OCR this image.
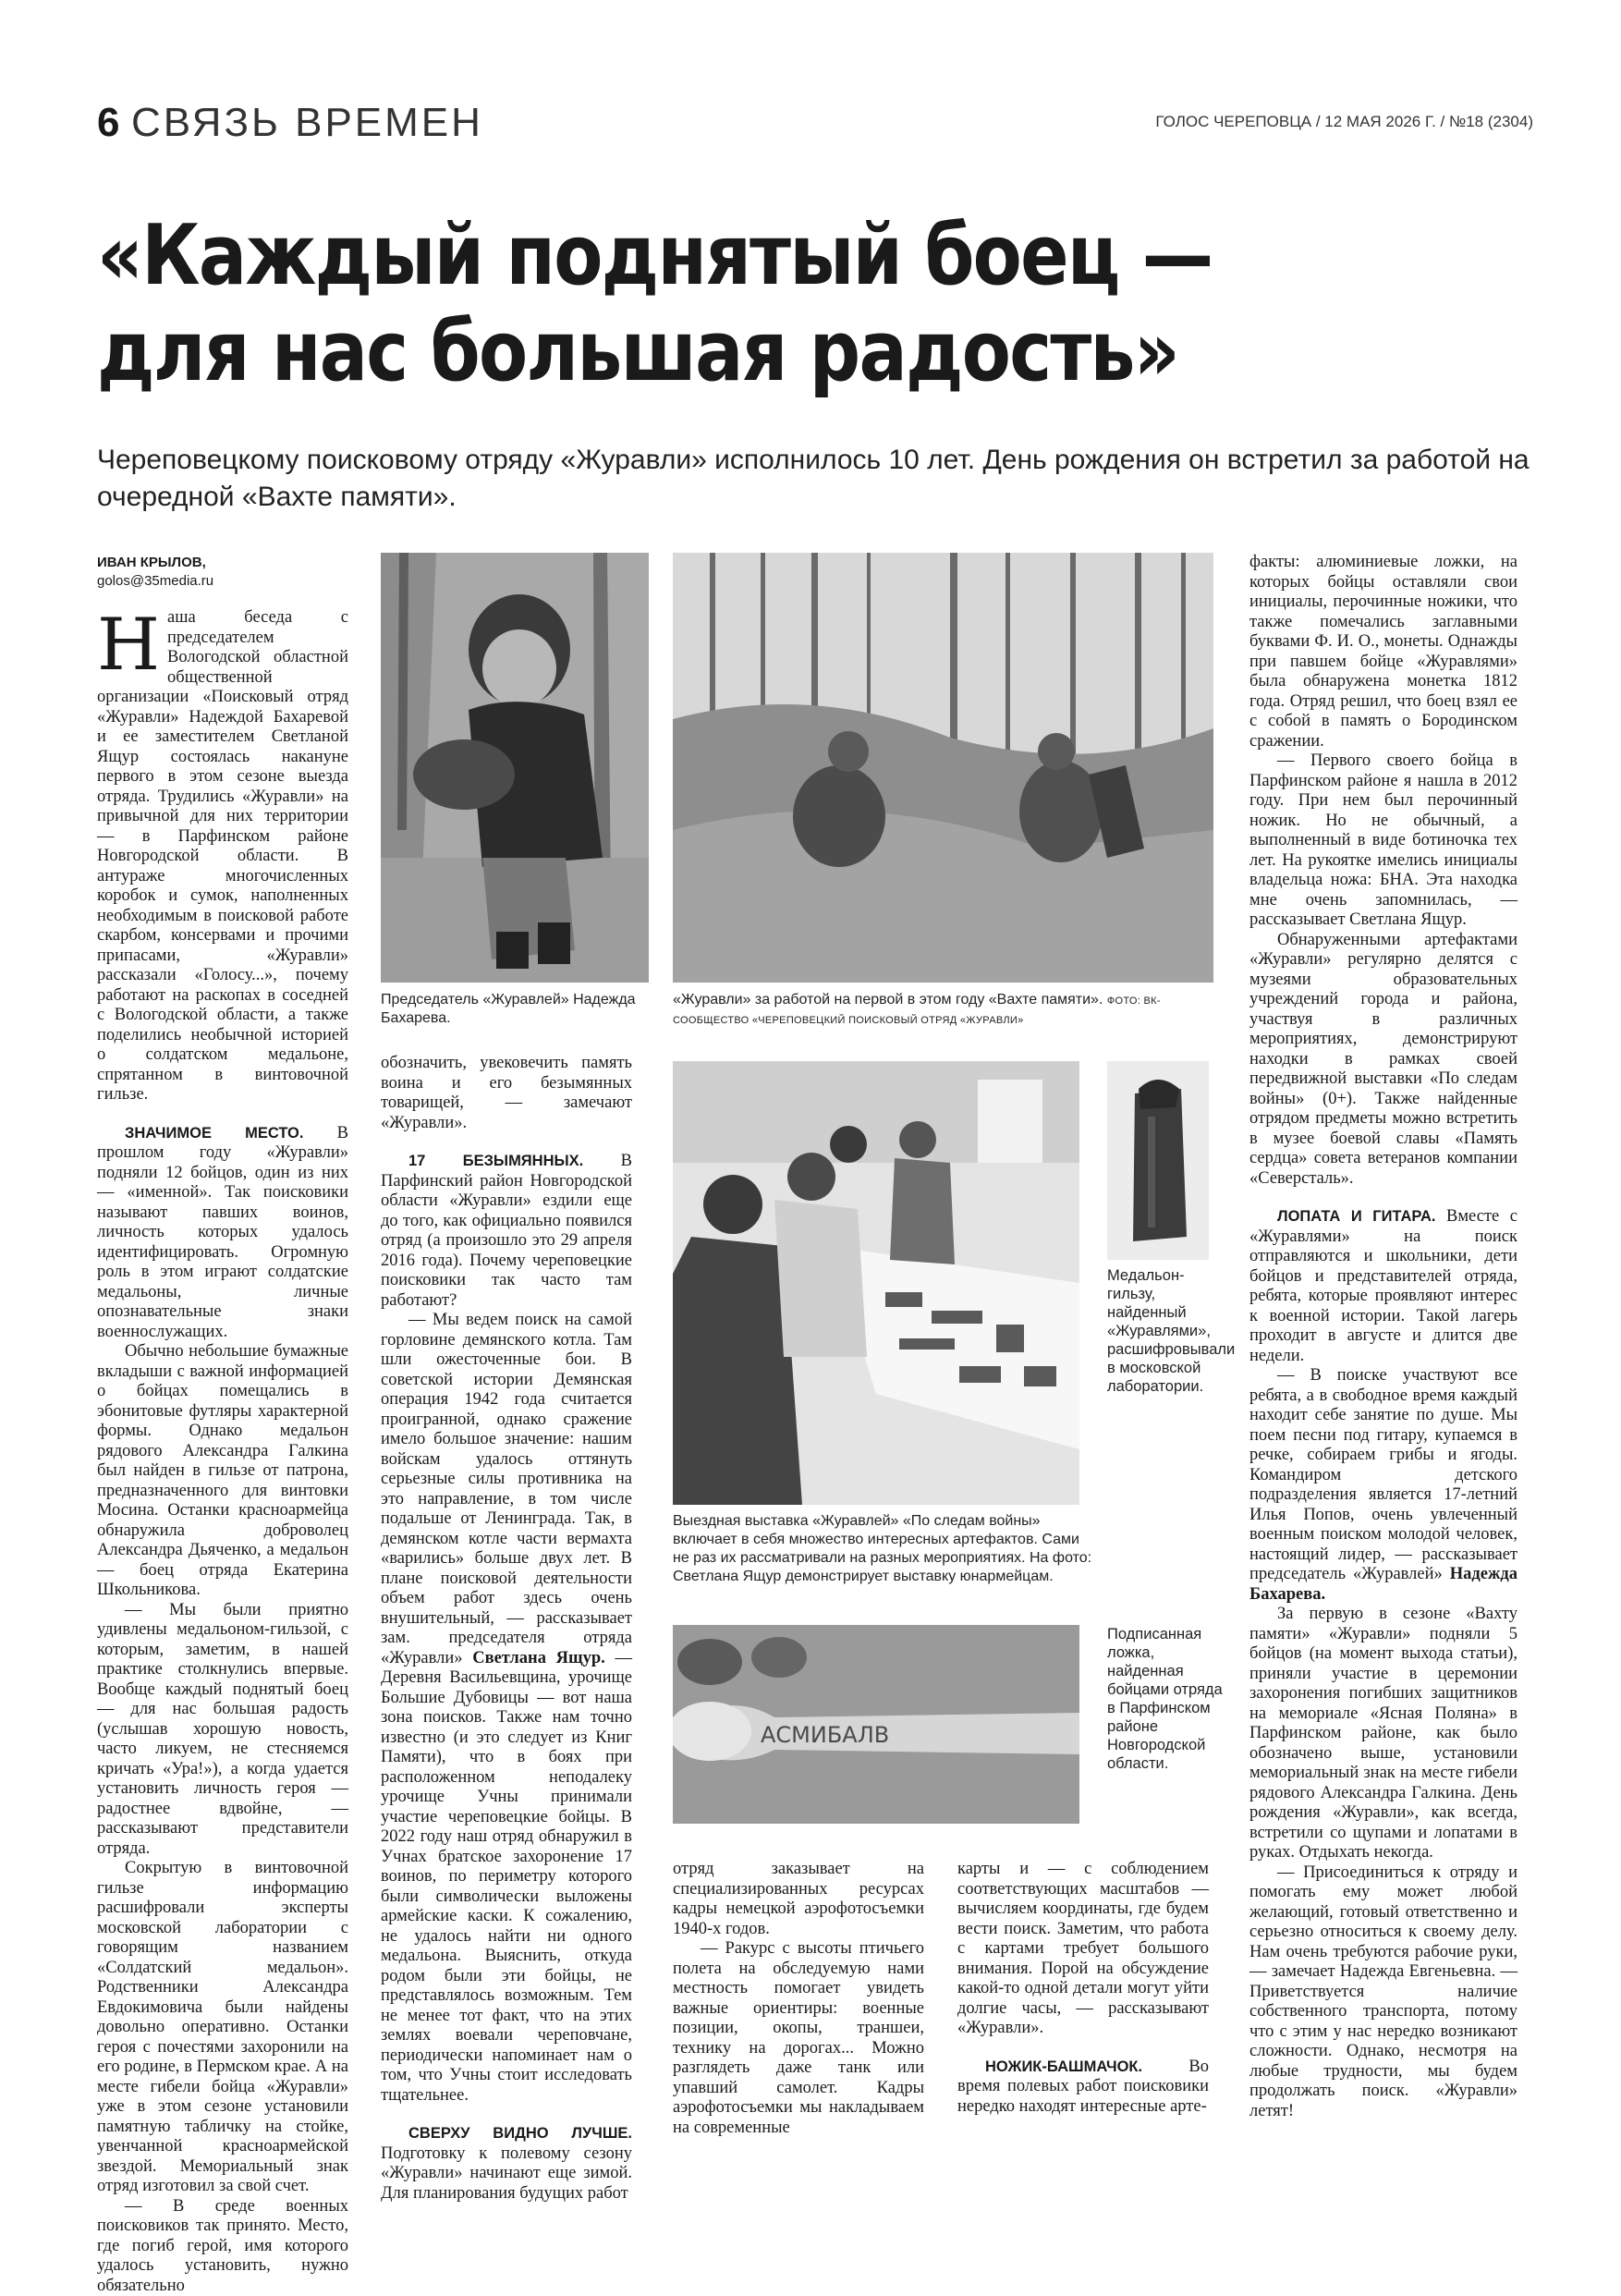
6 СВЯЗЬ ВРЕМЕН	ГОЛОС ЧЕРЕПОВЦА / 12 МАЯ 2026 Г. / №18 (2304)
«Каждый поднятый боец —
для нас большая радость»
Череповецкому поисковому отряду «Журавли» исполнилось 10 лет. День рождения он встретил за работой на очередной «Вахте памяти».
ИВАН КРЫЛОВ,
golos@35media.ru

Наша беседа с председателем Вологодской областной общественной организации «Поисковый отряд «Журавли» Надеждой Бахаревой и ее заместителем Светланой Ящур состоялась накануне первого в этом сезоне выезда отряда. Трудились «Журавли» на привычной для них территории — в Парфинском районе Новгородской области. В антураже многочисленных коробок и сумок, наполненных необходимым в поисковой работе скарбом, консервами и прочими припасами, «Журавли» рассказали «Голосу...», почему работают на раскопах в соседней с Вологодской области, а также поделились необычной историей о солдатском медальоне, спрятанном в винтовочной гильзе.

ЗНАЧИМОЕ МЕСТО. В прошлом году «Журавли» подняли 12 бойцов, один из них — «именной». Так поисковики называют павших воинов, личность которых удалось идентифицировать. Огромную роль в этом играют солдатские медальоны, личные опознавательные знаки военнослужащих.

Обычно небольшие бумажные вкладыши с важной информацией о бойцах помещались в эбонитовые футляры характерной формы. Однако медальон рядового Александра Галкина был найден в гильзе от патрона, предназначенного для винтовки Мосина. Останки красноармейца обнаружила доброволец Александра Дьяченко, а медальон — боец отряда Екатерина Школьникова.

— Мы были приятно удивлены медальоном-гильзой, с которым, заметим, в нашей практике столкнулись впервые. Вообще каждый поднятый боец — для нас большая радость (услышав хорошую новость, часто ликуем, не стесняемся кричать «Ура!»), а когда удается установить личность героя — радостнее вдвойне, — рассказывают представители отряда.

Сокрытую в винтовочной гильзе информацию расшифровали эксперты московской лаборатории с говорящим названием «Солдатский медальон». Родственники Александра Евдокимовича были найдены довольно оперативно. Останки героя с почестями захоронили на его родине, в Пермском крае. А на месте гибели бойца «Журавли» уже в этом сезоне установили памятную табличку на стойке, увенчанной красноармейской звездой. Мемориальный знак отряд изготовил за свой счет.

— В среде военных поисковиков так принято. Место, где погиб герой, имя которого удалось установить, нужно обязательно

Председатель «Журавлей» Надежда Бахарева.
«Журавли» за работой на первой в этом году «Вахте памяти». ФОТО: ВК-СООБЩЕСТВО «ЧЕРЕПОВЕЦКИЙ ПОИСКОВЫЙ ОТРЯД «ЖУРАВЛИ»

обозначить, увековечить память воина и его безымянных товарищей, — замечают «Журавли».

17 БЕЗЫМЯННЫХ. В Парфинский район Новгородской области «Журавли» ездили еще до того, как официально появился отряд (а произошло это 29 апреля 2016 года). Почему череповецкие поисковики так часто там работают?

— Мы ведем поиск на самой горловине демянского котла. Там шли ожесточенные бои. В советской истории Демянская операция 1942 года считается проигранной, однако сражение имело большое значение: нашим войскам удалось оттянуть серьезные силы противника на это направление, в том числе подальше от Ленинграда. Так, в демянском котле части вермахта «варились» больше двух лет. В плане поисковой деятельности объем работ здесь очень внушительный, — рассказывает зам. председателя отряда «Журавли» Светлана Ящур. — Деревня Васильевщина, урочище Большие Дубовицы — вот наша зона поисков. Также нам точно известно (и это следует из Книг Памяти), что в боях при расположенном неподалеку урочище Учны принимали участие череповецкие бойцы. В 2022 году наш отряд обнаружил в Учнах братское захоронение 17 воинов, по периметру которого были символически выложены армейские каски. К сожалению, не удалось найти ни одного медальона. Выяснить, откуда родом были эти бойцы, не представлялось возможным. Тем не менее тот факт, что на этих землях воевали череповчане, периодически напоминает нам о том, что Учны стоит исследовать тщательнее.

СВЕРХУ ВИДНО ЛУЧШЕ. Подготовку к полевому сезону «Журавли» начинают еще зимой. Для планирования будущих работ

Выездная выставка «Журавлей» «По следам войны» включает в себя множество интересных артефактов. Сами не раз их рассматривали на разных мероприятиях. На фото: Светлана Ящур демонстрирует выставку юнармейцам.
Медальон-гильзу, найденный «Журавлями», расшифровывали в московской лаборатории.
АСМИБАЛВ
Подписанная ложка, найденная бойцами отряда в Парфинском районе Новгородской области.

отряд заказывает на специализированных ресурсах кадры немецкой аэрофотосъемки 1940-х годов.

— Ракурс с высоты птичьего полета на обследуемую нами местность помогает увидеть важные ориентиры: военные позиции, окопы, траншеи, технику на дорогах... Можно разглядеть даже танк или упавший самолет. Кадры аэрофотосъемки мы накладываем на современные

карты и — с соблюдением соответствующих масштабов — вычисляем координаты, где будем вести поиск. Заметим, что работа с картами требует большого внимания. Порой на обсуждение какой-то одной детали могут уйти долгие часы, — рассказывают «Журавли».

НОЖИК-БАШМАЧОК.	Во время полевых работ поисковики нередко находят интересные арте-

факты: алюминиевые ложки, на которых бойцы оставляли свои инициалы, перочинные ножики, что также помечались заглавными буквами Ф. И. О., монеты. Однажды при павшем бойце «Журавлями» была обнаружена монетка 1812 года. Отряд решил, что боец взял ее с собой в память о Бородинском сражении.

— Первого своего бойца в Парфинском районе я нашла в 2012 году. При нем был перочинный ножик. Но не обычный, а выполненный в виде ботиночка тех лет. На рукоятке имелись инициалы владельца ножа: БНА. Эта находка мне очень запомнилась, — рассказывает Светлана Ящур.

Обнаруженными артефактами «Журавли» регулярно делятся с музеями образовательных учреждений города и района, участвуя в различных мероприятиях, демонстрируют находки в рамках своей передвижной выставки «По следам войны» (0+). Также найденные отрядом предметы можно встретить в музее боевой славы «Память сердца» совета ветеранов компании «Северсталь».

ЛОПАТА И ГИТАРА. Вместе с «Журавлями» на поиск отправляются и школьники, дети бойцов и представителей отряда, ребята, которые проявляют интерес к военной истории. Такой лагерь проходит в августе и длится две недели.

— В поиске участвуют все ребята, а в свободное время каждый находит себе занятие по душе. Мы поем песни под гитару, купаемся в речке, собираем грибы и ягоды. Командиром детского подразделения является 17-летний Илья Попов, очень увлеченный военным поиском молодой человек, настоящий лидер, — рассказывает председатель «Журавлей» Надежда Бахарева.

За первую в сезоне «Вахту памяти» «Журавли» подняли 5 бойцов (на момент выхода статьи), приняли участие в церемонии захоронения погибших защитников на мемориале «Ясная Поляна» в Парфинском районе, как было обозначено выше, установили мемориальный знак на месте гибели рядового Александра Галкина. День рождения «Журавли», как всегда, встретили со щупами и лопатами в руках. Отдыхать некогда.

— Присоединиться к отряду и помогать ему может любой желающий, готовый ответственно и серьезно относиться к своему делу. Нам очень требуются рабочие руки, — замечает Надежда Евгеньевна. — Приветствуется наличие собственного транспорта, потому что с этим у нас нередко возникают сложности. Однако, несмотря на любые трудности, мы будем продолжать поиск. «Журавли» летят!
